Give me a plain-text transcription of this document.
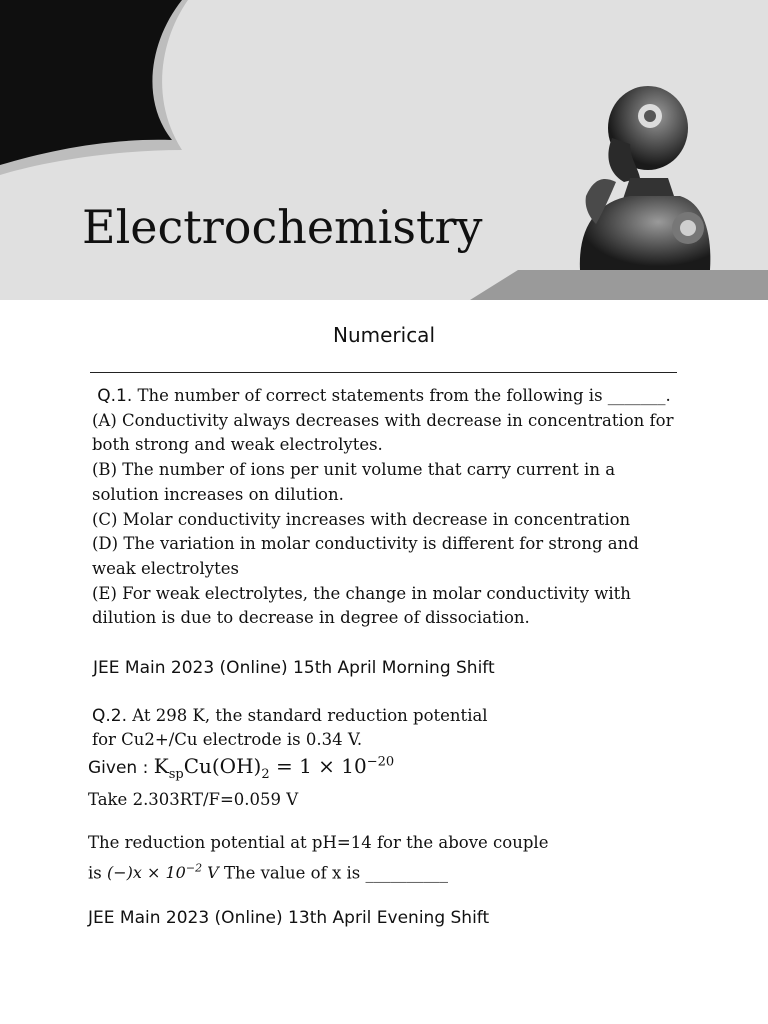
Electrochemistry
Numerical

Q.1. The number of correct statements from the following is _______.

(A) Conductivity always decreases with decrease in concentration for both strong and weak electrolytes.

(B) The number of ions per unit volume that carry current in a solution increases on dilution.

(C) Molar conductivity increases with decrease in concentration

(D) The variation in molar conductivity is different for strong and weak electrolytes

(E) For weak electrolytes, the change in molar conductivity with dilution is due to decrease in degree of dissociation.

JEE Main 2023 (Online) 15th April Morning Shift

Q.2. At 298 K, the standard reduction potential

for Cu2+/Cu electrode is 0.34 V.

Given : $K_{sp}Cu(OH)_2 = 1 \times 10^{-20}$
Take 2.303RT/F=0.059 V
The reduction potential at pH=14 for the above couple
is $(-)x \times 10^{-2}$ V The value of x is __________
JEE Main 2023 (Online) 13th April Evening Shift
